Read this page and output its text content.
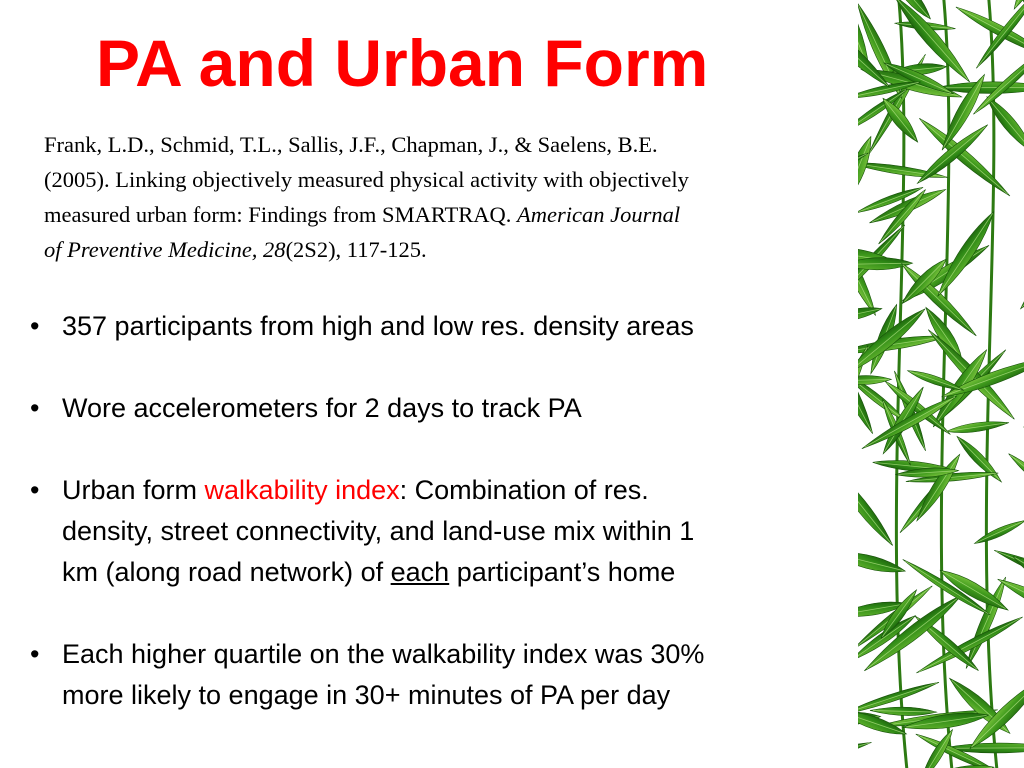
PA and Urban Form
Frank, L.D., Schmid, T.L., Sallis, J.F., Chapman, J., & Saelens, B.E.
(2005). Linking objectively measured physical activity with objectively
measured urban form: Findings from SMARTRAQ. American Journal
of Preventive Medicine, 28(2S2), 117-125.
• 357 participants from high and low res. density areas
• Wore accelerometers for 2 days to track PA
• Urban form walkability index: Combination of res.
density, street connectivity, and land-use mix within 1
km (along road network) of each participant’s home
• Each higher quartile on the walkability index was 30%
more likely to engage in 30+ minutes of PA per day
